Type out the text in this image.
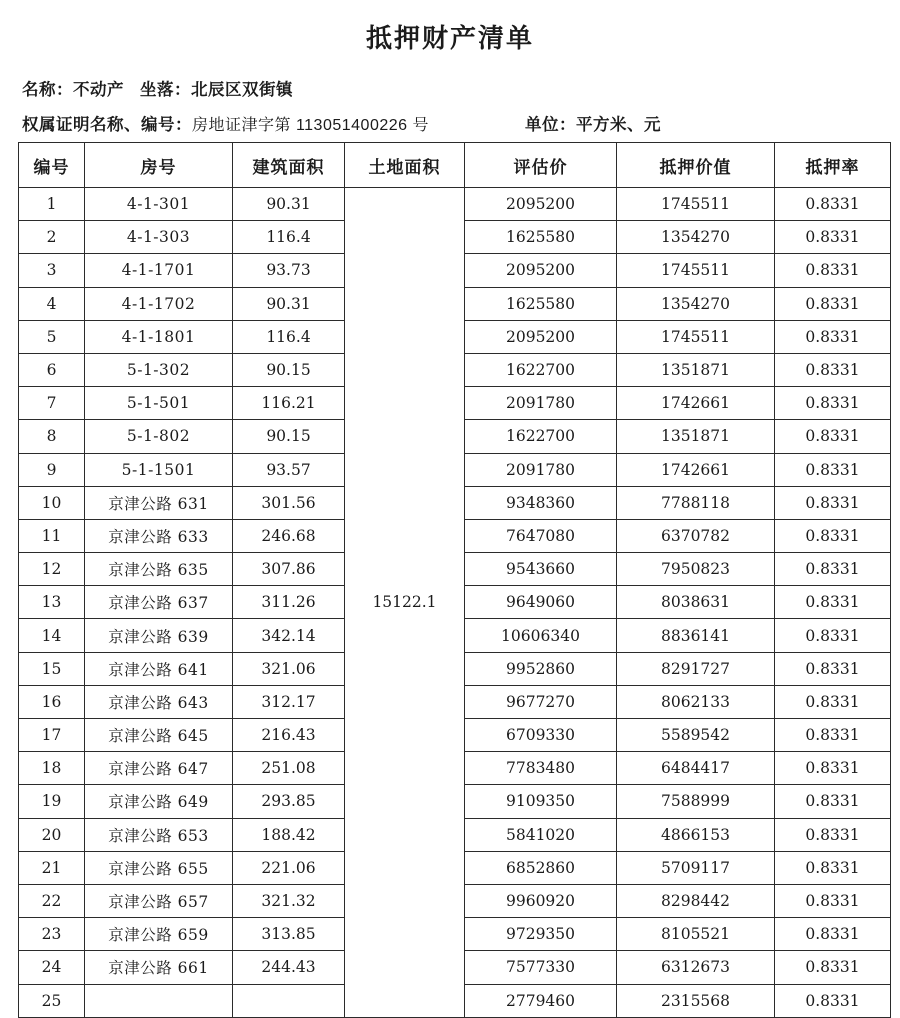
抵押财产清单
名称：不动产 坐落：北辰区双街镇
权属证明名称、编号： 房地证津字第 113051400226 号	单位： 平方米、元
编号	房号	建筑面积	土地面积	评估价	抵押价值	抵押率
1	4-1-301	90.31	15122.1	2095200	1745511	0.8331
2	4-1-303	116.4		1625580	1354270	0.8331
3	4-1-1701	93.73		2095200	1745511	0.8331
4	4-1-1702	90.31		1625580	1354270	0.8331
5	4-1-1801	116.4		2095200	1745511	0.8331
6	5-1-302	90.15		1622700	1351871	0.8331
7	5-1-501	116.21		2091780	1742661	0.8331
8	5-1-802	90.15		1622700	1351871	0.8331
9	5-1-1501	93.57		2091780	1742661	0.8331
10	京津公路 631	301.56		9348360	7788118	0.8331
11	京津公路 633	246.68		7647080	6370782	0.8331
12	京津公路 635	307.86		9543660	7950823	0.8331
13	京津公路 637	311.26		9649060	8038631	0.8331
14	京津公路 639	342.14		10606340	8836141	0.8331
15	京津公路 641	321.06		9952860	8291727	0.8331
16	京津公路 643	312.17		9677270	8062133	0.8331
17	京津公路 645	216.43		6709330	5589542	0.8331
18	京津公路 647	251.08		7783480	6484417	0.8331
19	京津公路 649	293.85		9109350	7588999	0.8331
20	京津公路 653	188.42		5841020	4866153	0.8331
21	京津公路 655	221.06		6852860	5709117	0.8331
22	京津公路 657	321.32		9960920	8298442	0.8331
23	京津公路 659	313.85		9729350	8105521	0.8331
24	京津公路 661	244.43		7577330	6312673	0.8331
25				2779460	2315568	0.8331
